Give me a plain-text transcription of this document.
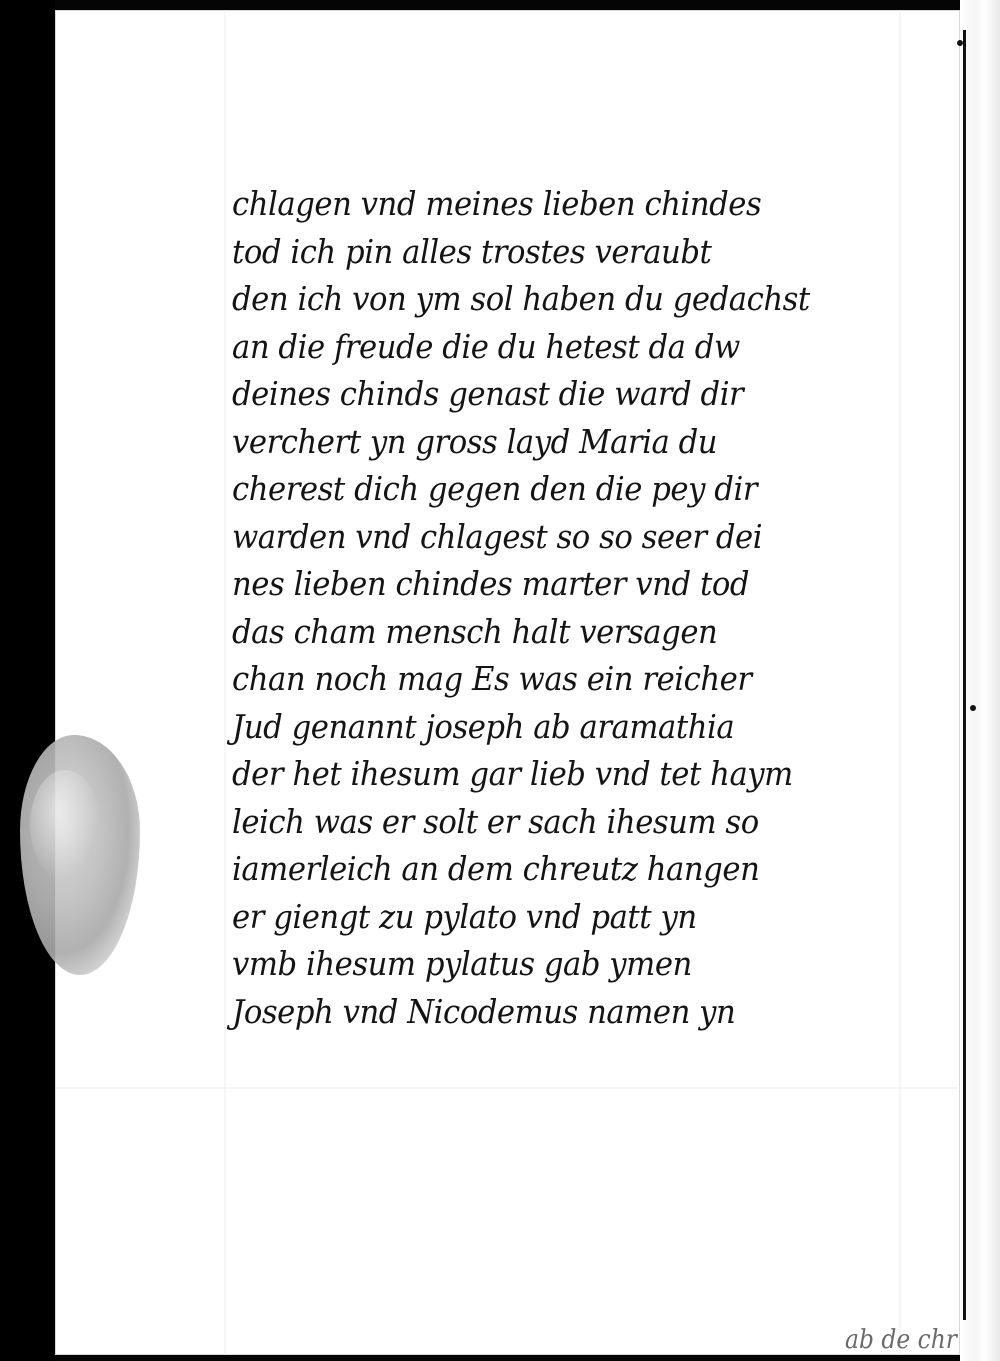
chlagen vnd meines lieben chindes
tod ich pin alles trostes veraubt
den ich von ym sol haben du gedachst
an die freude die du hetest da dw
deines chinds genast die ward dir
verchert yn gross layd Maria du
cherest dich gegen den die pey dir
warden vnd chlagest so so seer dei
nes lieben chindes marter vnd tod
das cham mensch halt versagen
chan noch mag Es was ein reicher
Jud genannt joseph ab aramathia
der het ihesum gar lieb vnd tet haym
leich was er solt er sach ihesum so
iamerleich an dem chreutz hangen
er giengt zu pylato vnd patt yn
vmb ihesum pylatus gab ymen
Joseph vnd Nicodemus namen yn
ab de chr
